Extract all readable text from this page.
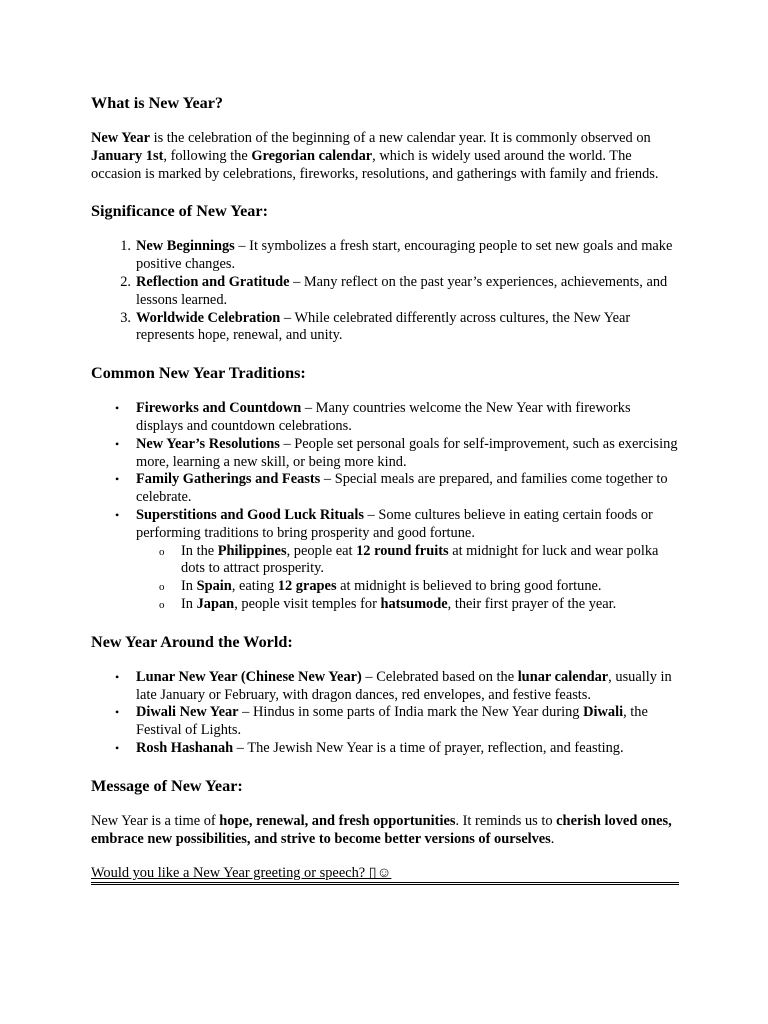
What is New Year?

New Year is the celebration of the beginning of a new calendar year. It is commonly observed on January 1st, following the Gregorian calendar, which is widely used around the world. The occasion is marked by celebrations, fireworks, resolutions, and gatherings with family and friends.

Significance of New Year:
1. New Beginnings – It symbolizes a fresh start, encouraging people to set new goals and make positive changes.
2. Reflection and Gratitude – Many reflect on the past year’s experiences, achievements, and lessons learned.
3. Worldwide Celebration – While celebrated differently across cultures, the New Year represents hope, renewal, and unity.
Common New Year Traditions:
• Fireworks and Countdown – Many countries welcome the New Year with fireworks displays and countdown celebrations.
• New Year’s Resolutions – People set personal goals for self-improvement, such as exercising more, learning a new skill, or being more kind.
• Family Gatherings and Feasts – Special meals are prepared, and families come together to celebrate.
• Superstitions and Good Luck Rituals – Some cultures believe in eating certain foods or performing traditions to bring prosperity and good fortune.
o In the Philippines, people eat 12 round fruits at midnight for luck and wear polka dots to attract prosperity.
o In Spain, eating 12 grapes at midnight is believed to bring good fortune.
o In Japan, people visit temples for hatsumode, their first prayer of the year.
New Year Around the World:
• Lunar New Year (Chinese New Year) – Celebrated based on the lunar calendar, usually in late January or February, with dragon dances, red envelopes, and festive feasts.
• Diwali New Year – Hindus in some parts of India mark the New Year during Diwali, the Festival of Lights.
• Rosh Hashanah – The Jewish New Year is a time of prayer, reflection, and feasting.
Message of New Year:

New Year is a time of hope, renewal, and fresh opportunities. It reminds us to cherish loved ones, embrace new possibilities, and strive to become better versions of ourselves.

Would you like a New Year greeting or speech? ▯☺
